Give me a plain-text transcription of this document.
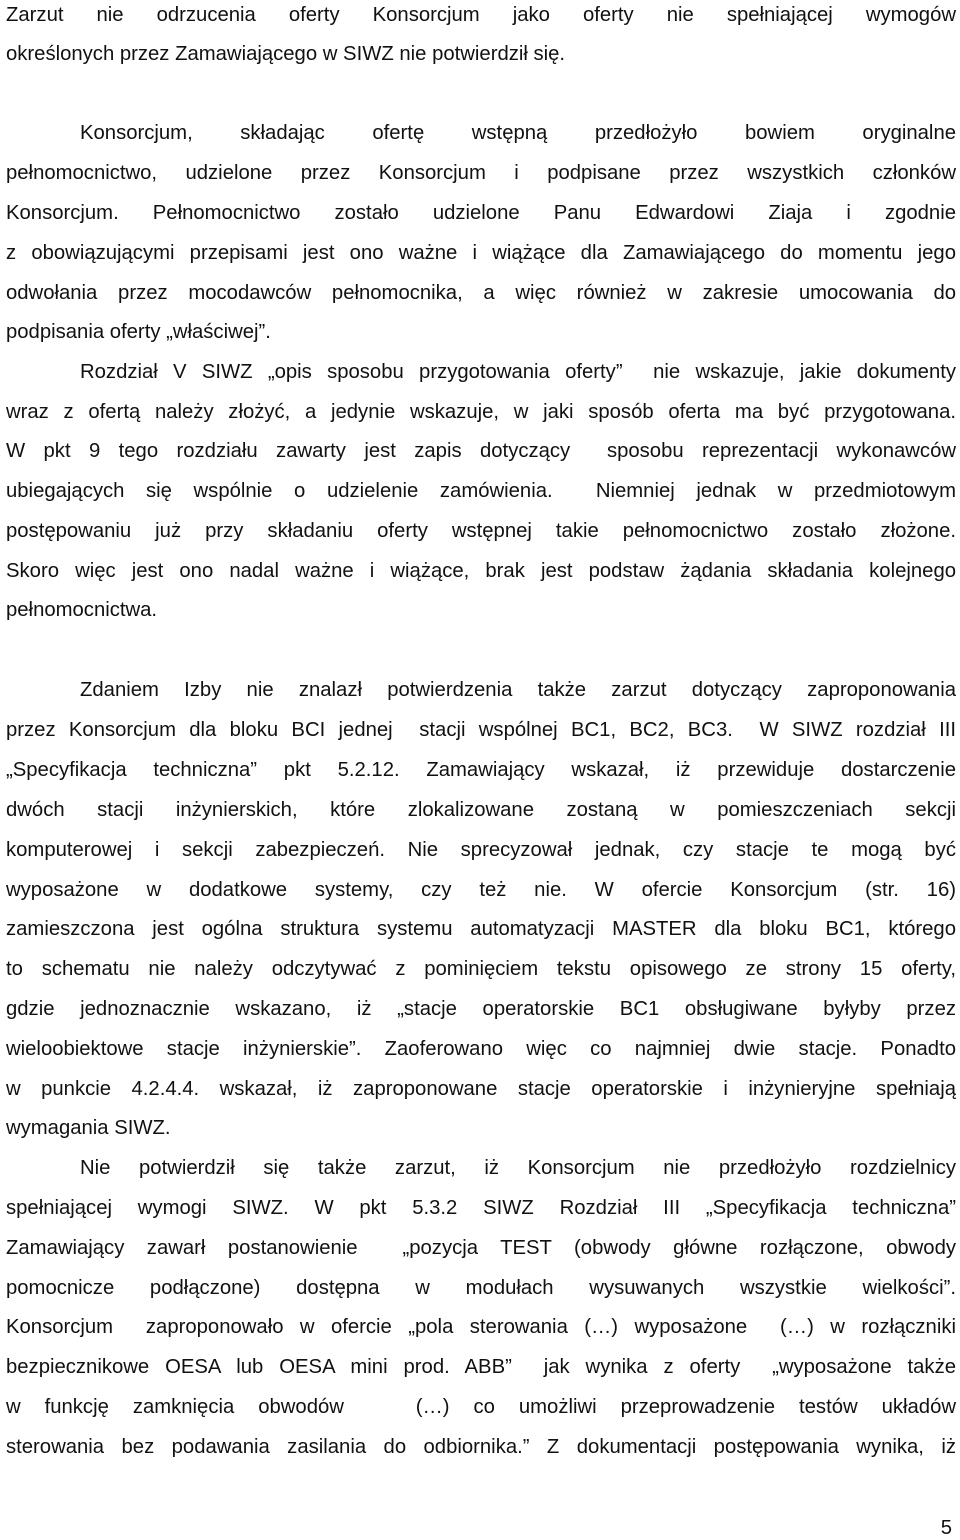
Zarzut nie odrzucenia oferty Konsorcjum jako oferty nie spełniającej wymogów
określonych przez Zamawiającego w SIWZ nie potwierdził się.
Konsorcjum, składając ofertę wstępną przedłożyło bowiem oryginalne
pełnomocnictwo, udzielone przez Konsorcjum i podpisane przez wszystkich członków
Konsorcjum. Pełnomocnictwo zostało udzielone Panu Edwardowi Ziaja i zgodnie
z obowiązującymi przepisami jest ono ważne i wiążące dla Zamawiającego do momentu jego
odwołania przez mocodawców pełnomocnika, a więc również w zakresie umocowania do
podpisania oferty „właściwej”.
Rozdział V SIWZ „opis sposobu przygotowania oferty”  nie wskazuje, jakie dokumenty
wraz z ofertą należy złożyć, a jedynie wskazuje, w jaki sposób oferta ma być przygotowana.
W pkt 9 tego rozdziału zawarty jest zapis dotyczący  sposobu reprezentacji wykonawców
ubiegających się wspólnie o udzielenie zamówienia.  Niemniej jednak w przedmiotowym
postępowaniu już przy składaniu oferty wstępnej takie pełnomocnictwo zostało złożone.
Skoro więc jest ono nadal ważne i wiążące, brak jest podstaw żądania składania kolejnego
pełnomocnictwa.
Zdaniem Izby nie znalazł potwierdzenia także zarzut dotyczący zaproponowania
przez Konsorcjum dla bloku BCI jednej  stacji wspólnej BC1, BC2, BC3.  W SIWZ rozdział III
„Specyfikacja techniczna” pkt 5.2.12. Zamawiający wskazał, iż przewiduje dostarczenie
dwóch stacji inżynierskich, które zlokalizowane zostaną w pomieszczeniach sekcji
komputerowej i sekcji zabezpieczeń. Nie sprecyzował jednak, czy stacje te mogą być
wyposażone w dodatkowe systemy, czy też nie. W ofercie Konsorcjum (str. 16)
zamieszczona jest ogólna struktura systemu automatyzacji MASTER dla bloku BC1, którego
to schematu nie należy odczytywać z pominięciem tekstu opisowego ze strony 15 oferty,
gdzie jednoznacznie wskazano, iż „stacje operatorskie BC1 obsługiwane byłyby przez
wieloobiektowe stacje inżynierskie”. Zaoferowano więc co najmniej dwie stacje. Ponadto
w punkcie 4.2.4.4. wskazał, iż zaproponowane stacje operatorskie i inżynieryjne spełniają
wymagania SIWZ.
Nie potwierdził się także zarzut, iż Konsorcjum nie przedłożyło rozdzielnicy
spełniającej wymogi SIWZ. W pkt 5.3.2 SIWZ Rozdział III „Specyfikacja techniczna”
Zamawiający zawarł postanowienie  „pozycja TEST (obwody główne rozłączone, obwody
pomocnicze podłączone) dostępna w modułach wysuwanych wszystkie wielkości”.
Konsorcjum  zaproponowało w ofercie „pola sterowania (…) wyposażone  (…) w rozłączniki
bezpiecznikowe OESA lub OESA mini prod. ABB”  jak wynika z oferty  „wyposażone także
w funkcję zamknięcia obwodów   (…) co umożliwi przeprowadzenie testów układów
sterowania bez podawania zasilania do odbiornika.” Z dokumentacji postępowania wynika, iż
5
